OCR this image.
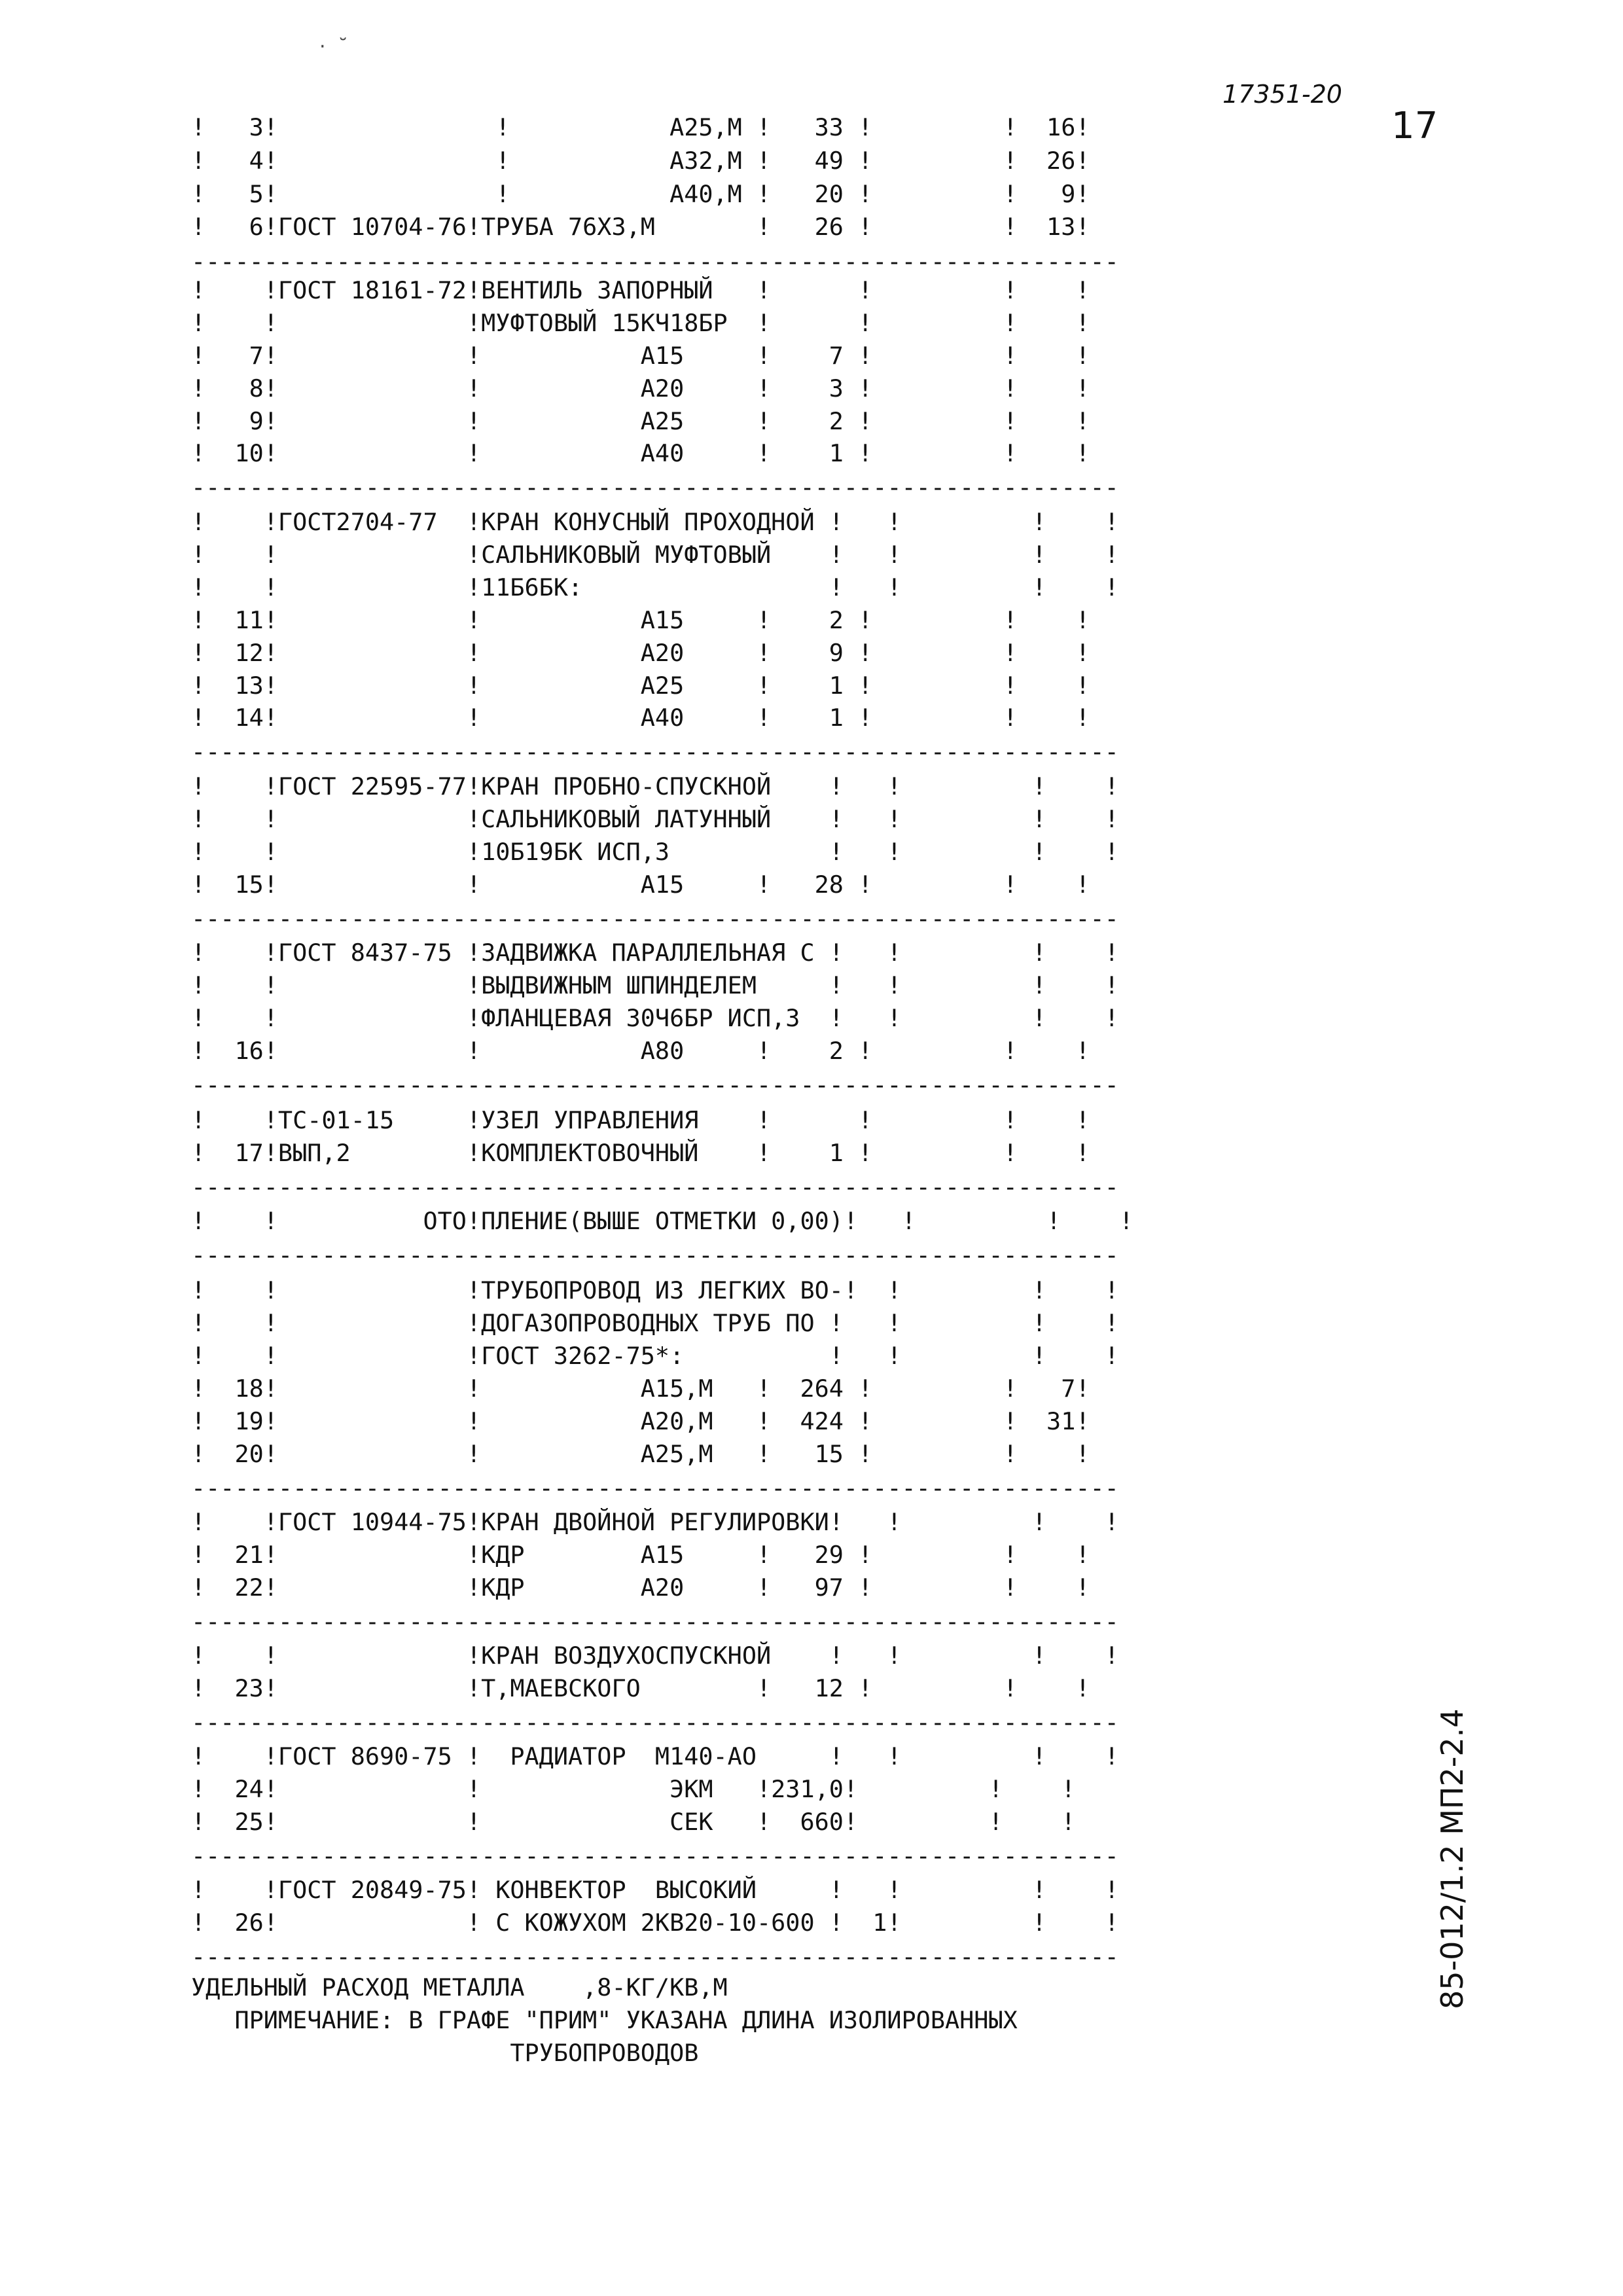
·  ˘
17351-20
17
85-012/1.2 МП2-2.4
!   3!               !           А25,М !   33 !         !  16!
!   4!               !           А32,М !   49 !         !  26!
!   5!               !           А40,М !   20 !         !   9!
!   6!ГОСТ 10704-76!ТРУБА 76Х3,М       !   26 !         !  13!
----------------------------------------------------------------
!    !ГОСТ 18161-72!ВЕНТИЛЬ ЗАПОРНЫЙ   !      !         !    !
!    !             !МУФТОВЫЙ 15КЧ18БР  !      !         !    !
!   7!             !           А15     !    7 !         !    !
!   8!             !           А20     !    3 !         !    !
!   9!             !           А25     !    2 !         !    !
!  10!             !           А40     !    1 !         !    !
----------------------------------------------------------------
!    !ГОСТ2704-77  !КРАН КОНУСНЫЙ ПРОХОДНОЙ !   !         !    !
!    !             !САЛЬНИКОВЫЙ МУФТОВЫЙ    !   !         !    !
!    !             !11Б6БК:                 !   !         !    !
!  11!             !           А15     !    2 !         !    !
!  12!             !           А20     !    9 !         !    !
!  13!             !           А25     !    1 !         !    !
!  14!             !           А40     !    1 !         !    !
----------------------------------------------------------------
!    !ГОСТ 22595-77!КРАН ПРОБНО-СПУСКНОЙ    !   !         !    !
!    !             !САЛЬНИКОВЫЙ ЛАТУННЫЙ    !   !         !    !
!    !             !10Б19БК ИСП,3           !   !         !    !
!  15!             !           А15     !   28 !         !    !
----------------------------------------------------------------
!    !ГОСТ 8437-75 !ЗАДВИЖКА ПАРАЛЛЕЛЬНАЯ С !   !         !    !
!    !             !ВЫДВИЖНЫМ ШПИНДЕЛЕМ     !   !         !    !
!    !             !ФЛАНЦЕВАЯ 30Ч6БР ИСП,3  !   !         !    !
!  16!             !           А80     !    2 !         !    !
----------------------------------------------------------------
!    !ТС-01-15     !УЗЕЛ УПРАВЛЕНИЯ    !      !         !    !
!  17!ВЫП,2        !КОМПЛЕКТОВОЧНЫЙ    !    1 !         !    !
----------------------------------------------------------------
!    !          ОТО!ПЛЕНИЕ(ВЫШЕ ОТМЕТКИ 0,00)!   !         !    !
----------------------------------------------------------------
!    !             !ТРУБОПРОВОД ИЗ ЛЕГКИХ ВО-!  !         !    !
!    !             !ДОГАЗОПРОВОДНЫХ ТРУБ ПО !   !         !    !
!    !             !ГОСТ 3262-75*:          !   !         !    !
!  18!             !           А15,М   !  264 !         !   7!
!  19!             !           А20,М   !  424 !         !  31!
!  20!             !           А25,М   !   15 !         !    !
----------------------------------------------------------------
!    !ГОСТ 10944-75!КРАН ДВОЙНОЙ РЕГУЛИРОВКИ!   !         !    !
!  21!             !КДР        А15     !   29 !         !    !
!  22!             !КДР        А20     !   97 !         !    !
----------------------------------------------------------------
!    !             !КРАН ВОЗДУХОСПУСКНОЙ    !   !         !    !
!  23!             !Т,МАЕВСКОГО        !   12 !         !    !
----------------------------------------------------------------
!    !ГОСТ 8690-75 !  РАДИАТОР  М140-АО     !   !         !    !
!  24!             !             ЭКМ   !231,0!         !    !
!  25!             !             СЕК   !  660!         !    !
----------------------------------------------------------------
!    !ГОСТ 20849-75! КОНВЕКТОР  ВЫСОКИЙ     !   !         !    !
!  26!             ! С КОЖУХОМ 2КВ20-10-600 !  1!         !    !
----------------------------------------------------------------
УДЕЛЬНЫЙ РАСХОД МЕТАЛЛА    ,8-КГ/КВ,М
ПРИМЕЧАНИЕ: В ГРАФЕ "ПРИМ" УКАЗАНА ДЛИНА ИЗОЛИРОВАННЫХ
ТРУБОПРОВОДОВ
